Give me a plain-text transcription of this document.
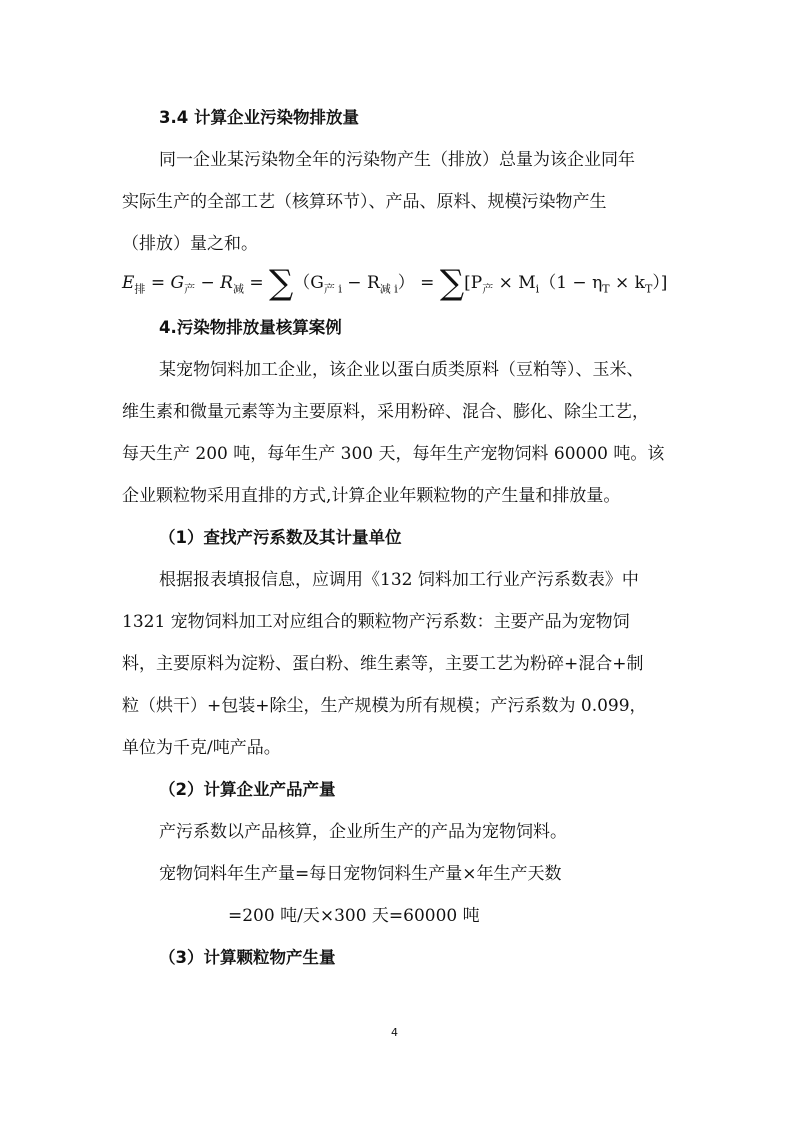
3.4 计算企业污染物排放量
同一企业某污染物全年的污染物产生（排放）总量为该企业同年
实际生产的全部工艺（核算环节）、产品、原料、规模污染物产生
（排放）量之和。
$E_排 = G_产 - R_减 = \sum(G_{产 i} - R_{减 i}) = \sum[P_产 \times M_i(1 - \eta_T \times k_T)]$
4.污染物排放量核算案例
某宠物饲料加工企业，该企业以蛋白质类原料（豆粕等）、玉米、
维生素和微量元素等为主要原料，采用粉碎、混合、膨化、除尘工艺，
每天生产 200 吨，每年生产 300 天，每年生产宠物饲料 60000 吨。该
企业颗粒物采用直排的方式,计算企业年颗粒物的产生量和排放量。
（1）查找产污系数及其计量单位
根据报表填报信息，应调用《132 饲料加工行业产污系数表》中
1321 宠物饲料加工对应组合的颗粒物产污系数：主要产品为宠物饲
料，主要原料为淀粉、蛋白粉、维生素等，主要工艺为粉碎+混合+制
粒（烘干）+包装+除尘，生产规模为所有规模；产污系数为 0.099，
单位为千克/吨产品。
（2）计算企业产品产量
产污系数以产品核算，企业所生产的产品为宠物饲料。
宠物饲料年生产量=每日宠物饲料生产量×年生产天数
=200 吨/天×300 天=60000 吨
（3）计算颗粒物产生量
4
